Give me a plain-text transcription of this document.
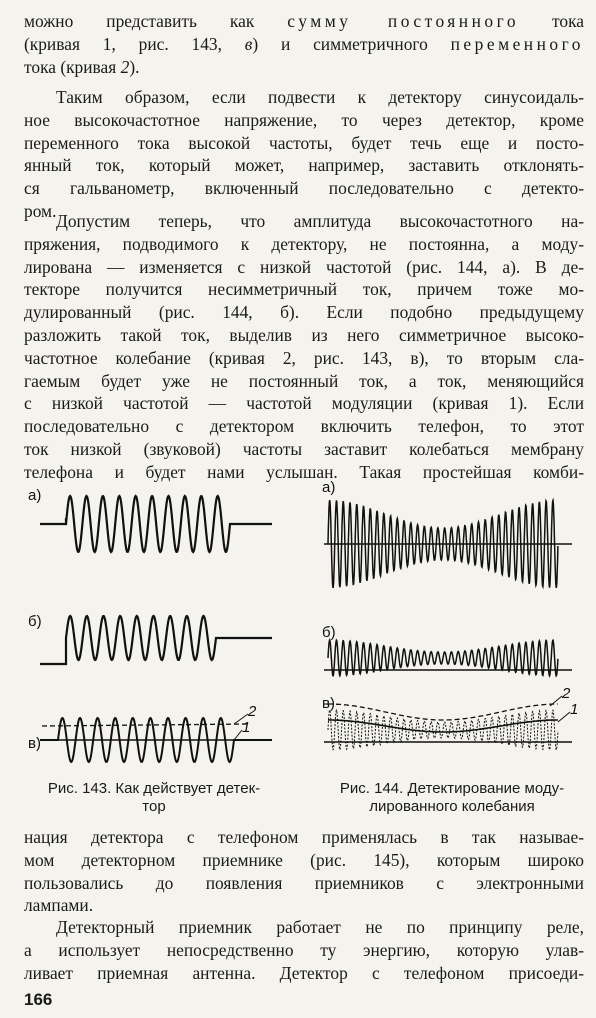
можно представить как сумму постоянного тока
(кривая 1, рис. 143, в) и симметричного переменного
тока (кривая 2).
Таким образом, если подвести к детектору синусоидаль-
ное высокочастотное напряжение, то через детектор, кроме
переменного тока высокой частоты, будет течь еще и посто-
янный ток, который может, например, заставить отклонять-
ся гальванометр, включенный последовательно с детекто-
ром.
Допустим теперь, что амплитуда высокочастотного на-
пряжения, подводимого к детектору, не постоянна, а моду-
лирована — изменяется с низкой частотой (рис. 144, а). В де-
текторе получится несимметричный ток, причем тоже мо-
дулированный (рис. 144, б). Если подобно предыдущему
разложить такой ток, выделив из него симметричное высоко-
частотное колебание (кривая 2, рис. 143, в), то вторым сла-
гаемым будет уже не постоянный ток, а ток, меняющийся
с низкой частотой — частотой модуляции (кривая 1). Если
последовательно с детектором включить телефон, то этот
ток низкой (звуковой) частоты заставит колебаться мембрану
телефона и будет нами услышан. Такая простейшая комби-
а)
б)
в)
2
1
Рис. 143. Как действует детек-
тор
а)
б)
в)
2
1
Рис. 144. Детектирование моду-
лированного колебания
нация детектора с телефоном применялась в так называе-
мом детекторном приемнике (рис. 145), которым широко
пользовались до появления приемников с электронными
лампами.
Детекторный приемник работает не по принципу реле,
а использует непосредственно ту энергию, которую улав-
ливает приемная антенна. Детектор с телефоном присоеди-
166
